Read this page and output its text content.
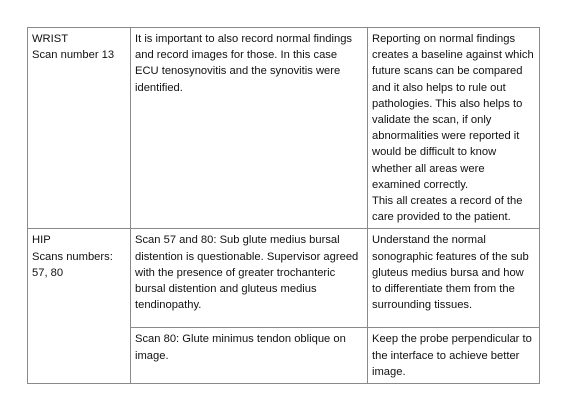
WRIST
Scan number 13	It is important to also record normal findings and record images for those. In this case ECU tenosynovitis and the synovitis were identified.	Reporting on normal findings creates a baseline against which future scans can be compared and it also helps to rule out pathologies. This also helps to validate the scan, if only abnormalities were reported it would be difficult to know whether all areas were examined correctly.
This all creates a record of the care provided to the patient.

HIP
Scans numbers:
57, 80	Scan 57 and 80: Sub glute medius bursal distention is questionable. Supervisor agreed with the presence of greater trochanteric bursal distention and gluteus medius tendinopathy.	Understand the normal sonographic features of the sub gluteus medius bursa and how to differentiate them from the surrounding tissues.
	Scan 80: Glute minimus tendon oblique on image.	Keep the probe perpendicular to the interface to achieve better image.
